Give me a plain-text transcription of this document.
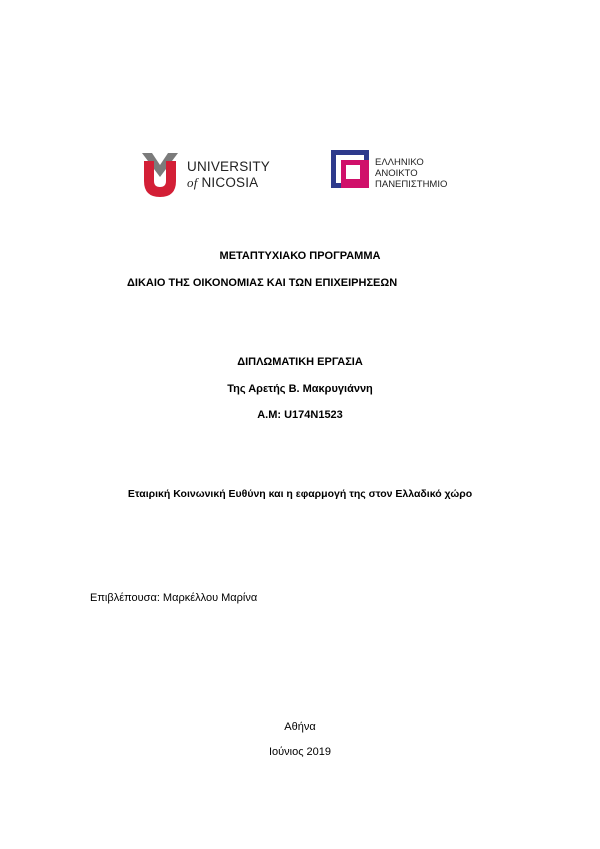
UNIVERSITY
of NICOSIA
ΕΛΛΗΝΙΚΟ
ΑΝΟΙΚΤΟ
ΠΑΝΕΠΙΣΤΗΜΙΟ
ΜΕΤΑΠΤΥΧΙΑΚΟ ΠΡΟΓΡΑΜΜΑ
ΔΙΚΑΙΟ ΤΗΣ ΟΙΚΟΝΟΜΙΑΣ ΚΑΙ ΤΩΝ ΕΠΙΧΕΙΡΗΣΕΩΝ
ΔΙΠΛΩΜΑΤΙΚΗ ΕΡΓΑΣΙΑ
Της Αρετής Β. Μακρυγιάννη
Α.Μ: U174N1523
Εταιρική Κοινωνική Ευθύνη και η εφαρμογή της στον Ελλαδικό χώρο
Επιβλέπουσα: Μαρκέλλου Μαρίνα
Αθήνα
Ιούνιος 2019
